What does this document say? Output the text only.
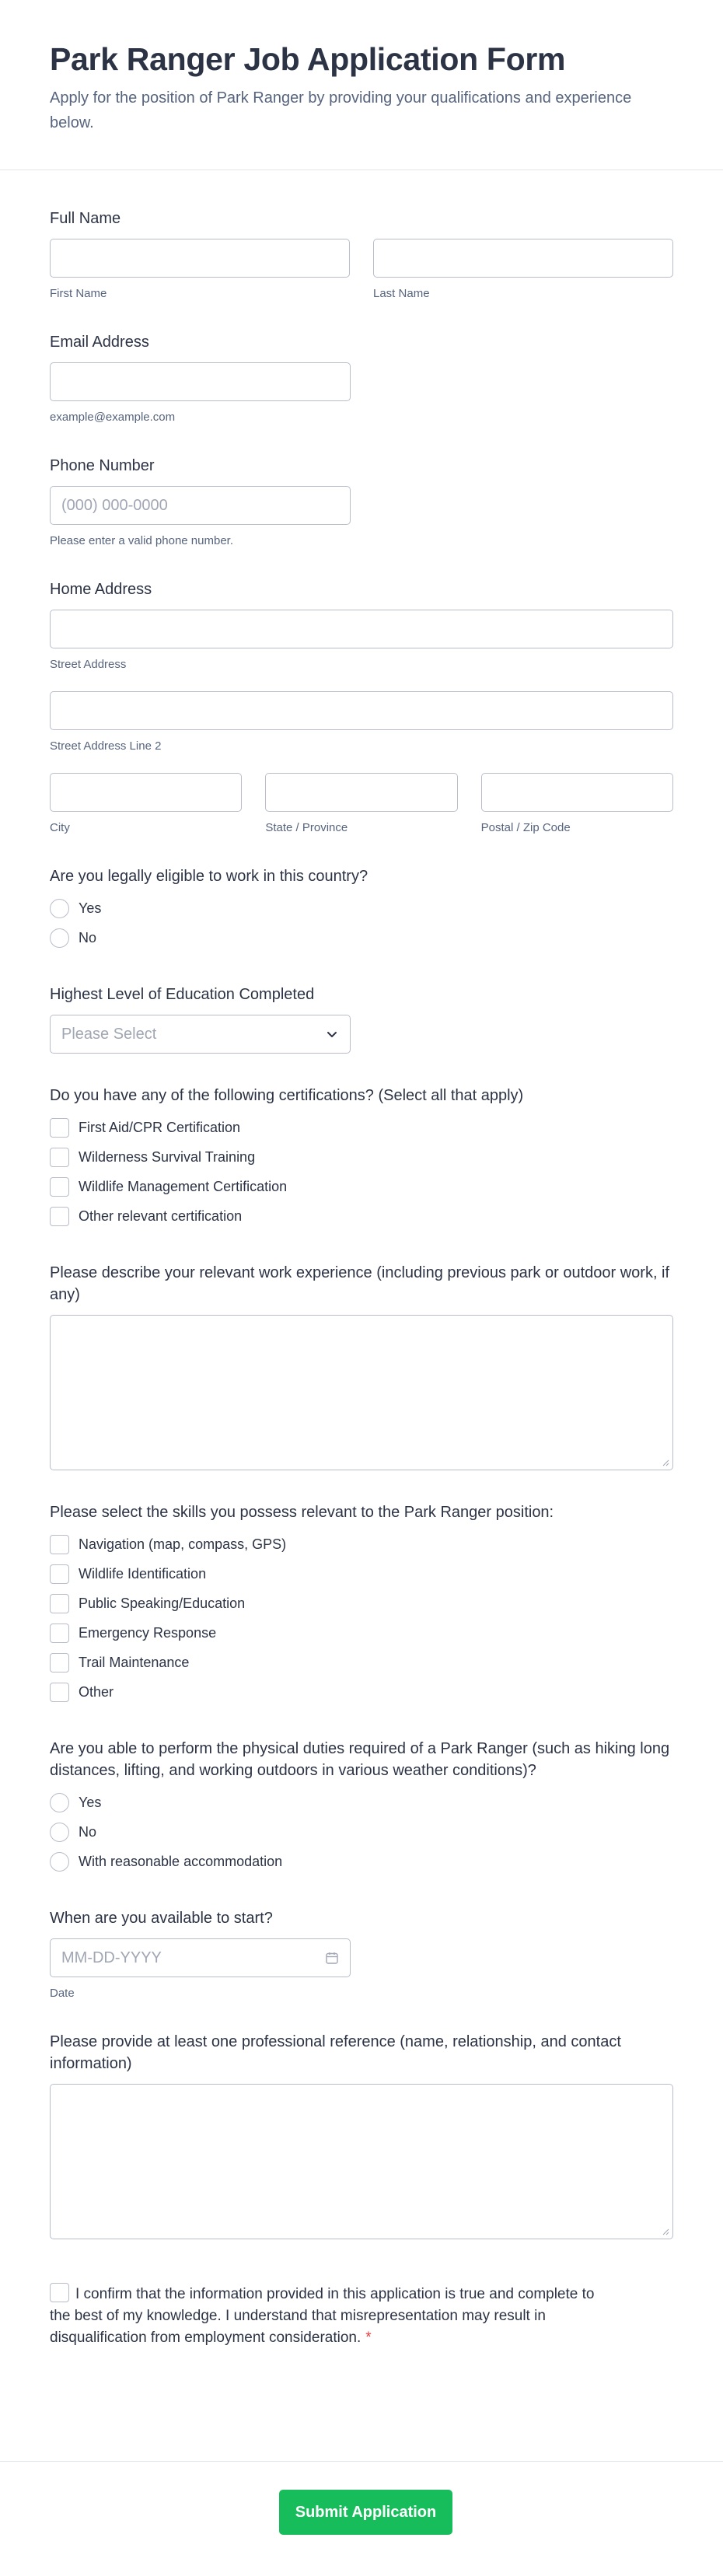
Park Ranger Job Application Form

Apply for the position of Park Ranger by providing your qualifications and experience below.

Full Name
First Name	Last Name
Email Address
example@example.com
Phone Number
(000) 000-0000
Please enter a valid phone number.
Home Address
Street Address
Street Address Line 2
City	State / Province	Postal / Zip Code
Are you legally eligible to work in this country?
Yes
No
Highest Level of Education Completed
Please Select
Do you have any of the following certifications? (Select all that apply)
First Aid/CPR Certification
Wilderness Survival Training
Wildlife Management Certification
Other relevant certification
Please describe your relevant work experience (including previous park or outdoor work, if any)
Please select the skills you possess relevant to the Park Ranger position:
Navigation (map, compass, GPS)
Wildlife Identification
Public Speaking/Education
Emergency Response
Trail Maintenance
Other
Are you able to perform the physical duties required of a Park Ranger (such as hiking long distances, lifting, and working outdoors in various weather conditions)?
Yes
No
With reasonable accommodation
When are you available to start?
MM-DD-YYYY
Date
Please provide at least one professional reference (name, relationship, and contact information)
I confirm that the information provided in this application is true and complete to the best of my knowledge. I understand that misrepresentation may result in disqualification from employment consideration. *
Submit Application
